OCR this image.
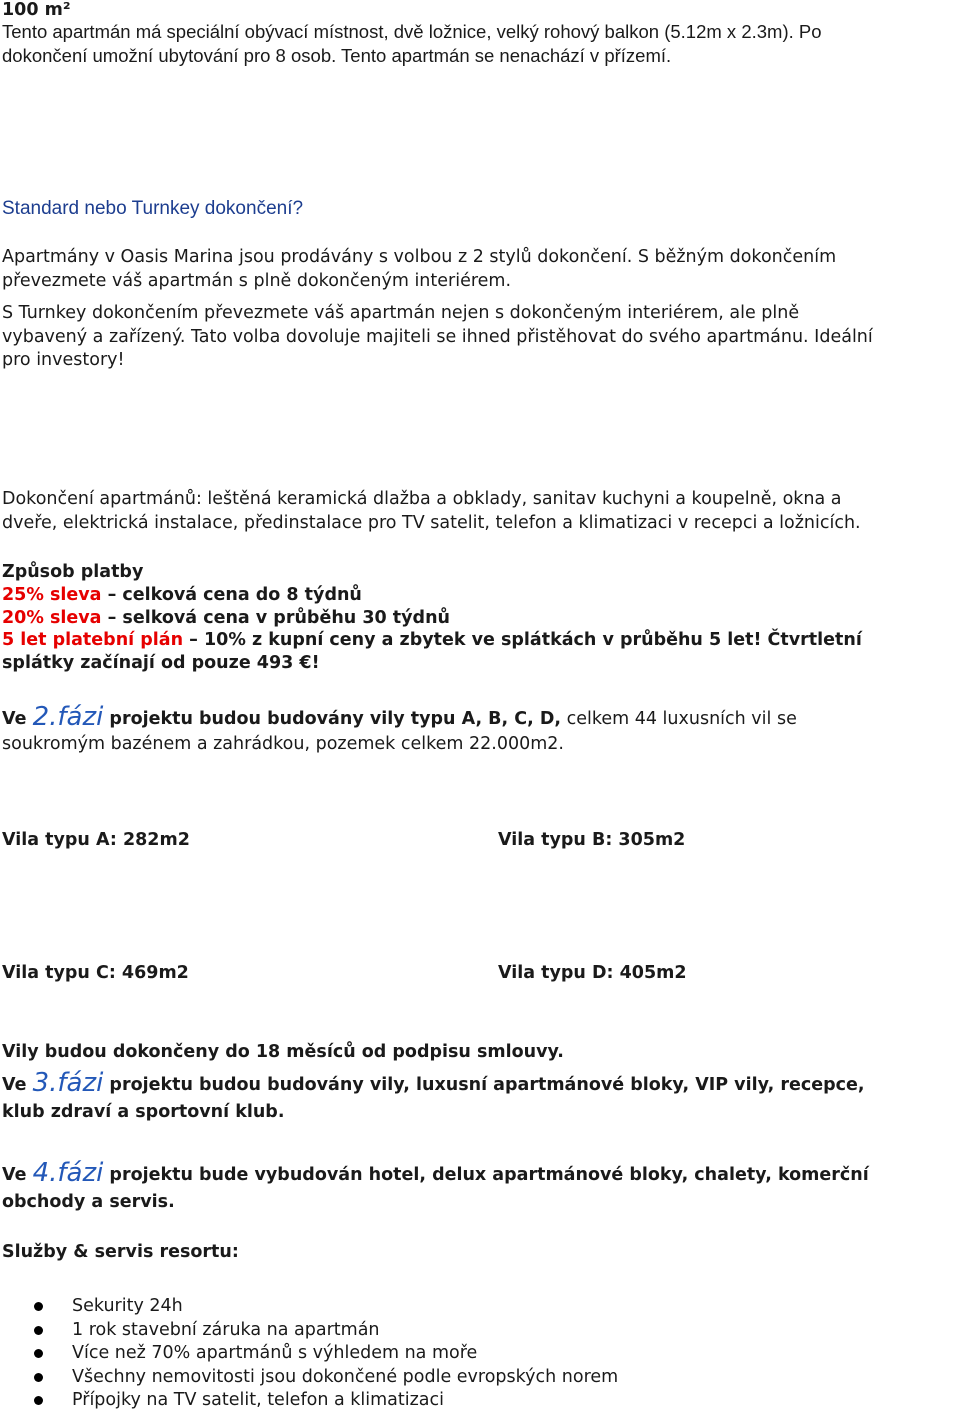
100 m²

Tento apartmán má speciální obývací místnost, dvě ložnice, velký rohový balkon (5.12m x 2.3m). Po

dokončení umožní ubytování pro 8 osob. Tento apartmán se nenachází v přízemí.

Standard nebo Turnkey dokončení?

Apartmány v Oasis Marina jsou prodávány s volbou z 2 stylů dokončení. S běžným dokončením

převezmete váš apartmán s plně dokončeným interiérem.

S Turnkey dokončením převezmete váš apartmán nejen s dokončeným interiérem, ale plně

vybavený a zařízený. Tato volba dovoluje majiteli se ihned přistěhovat do svého apartmánu. Ideální

pro investory!

Dokončení apartmánů: leštěná keramická dlažba a obklady, sanitav kuchyni a koupelně, okna a

dveře, elektrická instalace, předinstalace pro TV satelit, telefon a klimatizaci v recepci a ložnicích.

Způsob platby

25% sleva – celková cena do 8 týdnů

20% sleva – selková cena v průběhu 30 týdnů

5 let platební plán – 10% z kupní ceny a zbytek ve splátkách v průběhu 5 let! Čtvrtletní

splátky začínají od pouze 493 €!

Ve 2.fázi projektu budou budovány vily typu A, B, C, D, celkem 44 luxusních vil se

soukromým bazénem a zahrádkou, pozemek celkem 22.000m2.

Vila typu A: 282m2	Vila typu B: 305m2
Vila typu C: 469m2	Vila typu D: 405m2

Vily budou dokončeny do 18 měsíců od podpisu smlouvy.

Ve 3.fázi projektu budou budovány vily, luxusní apartmánové bloky, VIP vily, recepce,

klub zdraví a sportovní klub.

Ve 4.fázi projektu bude vybudován hotel, delux apartmánové bloky, chalety, komerční

obchody a servis.

Služby & servis resortu:

Sekurity 24h
1 rok stavební záruka na apartmán
Více než 70% apartmánů s výhledem na moře
Všechny nemovitosti jsou dokončené podle evropských norem
Přípojky na TV satelit, telefon a klimatizaci
